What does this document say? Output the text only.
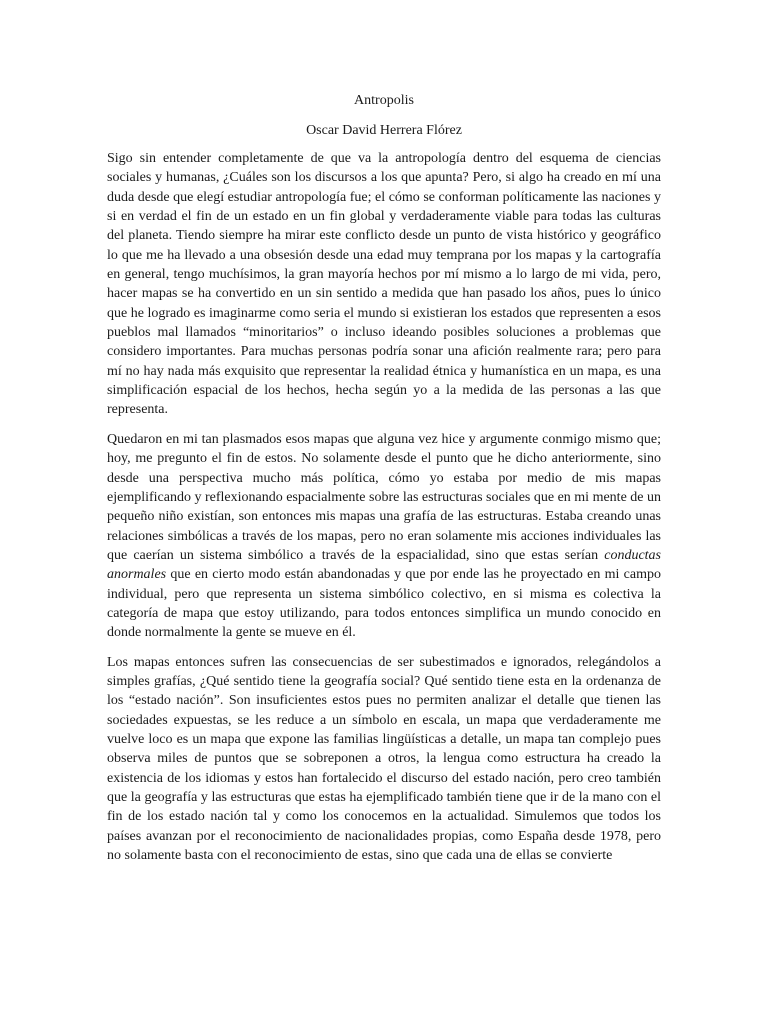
Antropolis

Oscar David Herrera Flórez

Sigo sin entender completamente de que va la antropología dentro del esquema de ciencias sociales y humanas, ¿Cuáles son los discursos a los que apunta? Pero, si algo ha creado en mí una duda desde que elegí estudiar antropología fue; el cómo se conforman políticamente las naciones y si en verdad el fin de un estado en un fin global y verdaderamente viable para todas las culturas del planeta. Tiendo siempre ha mirar este conflicto desde un punto de vista histórico y geográfico lo que me ha llevado a una obsesión desde una edad muy temprana por los mapas y la cartografía en general, tengo muchísimos, la gran mayoría hechos por mí mismo a lo largo de mi vida, pero, hacer mapas se ha convertido en un sin sentido a medida que han pasado los años, pues lo único que he logrado es imaginarme como seria el mundo si existieran los estados que representen a esos pueblos mal llamados “minoritarios” o incluso ideando posibles soluciones a problemas que considero importantes. Para muchas personas podría sonar una afición realmente rara; pero para mí no hay nada más exquisito que representar la realidad étnica y humanística en un mapa, es una simplificación espacial de los hechos, hecha según yo a la medida de las personas a las que representa.

Quedaron en mi tan plasmados esos mapas que alguna vez hice y argumente conmigo mismo que; hoy, me pregunto el fin de estos. No solamente desde el punto que he dicho anteriormente, sino desde una perspectiva mucho más política, cómo yo estaba por medio de mis mapas ejemplificando y reflexionando espacialmente sobre las estructuras sociales que en mi mente de un pequeño niño existían, son entonces mis mapas una grafía de las estructuras. Estaba creando unas relaciones simbólicas a través de los mapas, pero no eran solamente mis acciones individuales las que caerían un sistema simbólico a través de la espacialidad, sino que estas serían conductas anormales que en cierto modo están abandonadas y que por ende las he proyectado en mi campo individual, pero que representa un sistema simbólico colectivo, en si misma es colectiva la categoría de mapa que estoy utilizando, para todos entonces simplifica un mundo conocido en donde normalmente la gente se mueve en él.

Los mapas entonces sufren las consecuencias de ser subestimados e ignorados, relegándolos a simples grafías, ¿Qué sentido tiene la geografía social? Qué sentido tiene esta en la ordenanza de los “estado nación”. Son insuficientes estos pues no permiten analizar el detalle que tienen las sociedades expuestas, se les reduce a un símbolo en escala, un mapa que verdaderamente me vuelve loco es un mapa que expone las familias lingüísticas a detalle, un mapa tan complejo pues observa miles de puntos que se sobreponen a otros, la lengua como estructura ha creado la existencia de los idiomas y estos han fortalecido el discurso del estado nación, pero creo también que la geografía y las estructuras que estas ha ejemplificado también tiene que ir de la mano con el fin de los estado nación tal y como los conocemos en la actualidad. Simulemos que todos los países avanzan por el reconocimiento de nacionalidades propias, como España desde 1978, pero no solamente basta con el reconocimiento de estas, sino que cada una de ellas se convierte
